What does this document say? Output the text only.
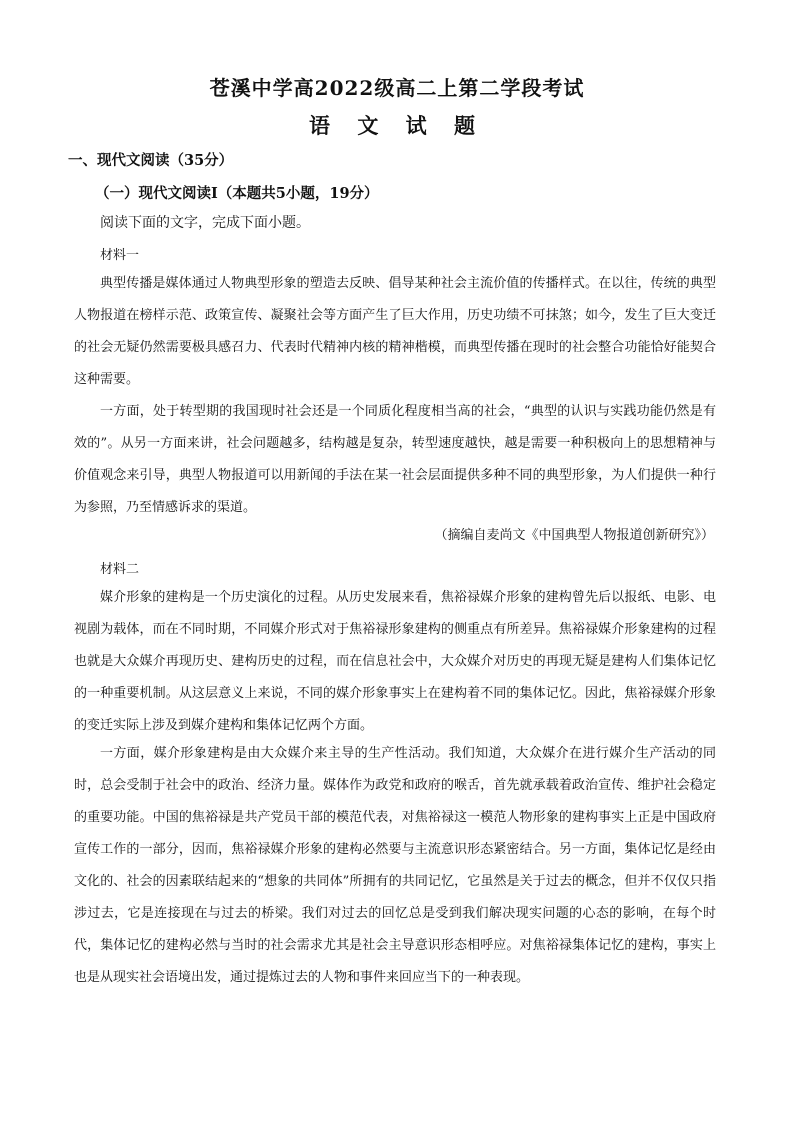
苍溪中学高2022级高二上第二学段考试
语 文 试 题
一、现代文阅读（35分）
（一）现代文阅读Ⅰ（本题共5小题，19分）
阅读下面的文字，完成下面小题。
材料一

典型传播是媒体通过人物典型形象的塑造去反映、倡导某种社会主流价值的传播样式。在以往，传统的典型人物报道在榜样示范、政策宣传、凝聚社会等方面产生了巨大作用，历史功绩不可抹煞；如今，发生了巨大变迁的社会无疑仍然需要极具感召力、代表时代精神内核的精神楷模，而典型传播在现时的社会整合功能恰好能契合这种需要。

一方面，处于转型期的我国现时社会还是一个同质化程度相当高的社会，“典型的认识与实践功能仍然是有效的”。从另一方面来讲，社会问题越多，结构越是复杂，转型速度越快，越是需要一种积极向上的思想精神与价值观念来引导，典型人物报道可以用新闻的手法在某一社会层面提供多种不同的典型形象，为人们提供一种行为参照，乃至情感诉求的渠道。

（摘编自麦尚文《中国典型人物报道创新研究》）
材料二

媒介形象的建构是一个历史演化的过程。从历史发展来看，焦裕禄媒介形象的建构曾先后以报纸、电影、电视剧为载体，而在不同时期，不同媒介形式对于焦裕禄形象建构的侧重点有所差异。焦裕禄媒介形象建构的过程也就是大众媒介再现历史、建构历史的过程，而在信息社会中，大众媒介对历史的再现无疑是建构人们集体记忆的一种重要机制。从这层意义上来说，不同的媒介形象事实上在建构着不同的集体记忆。因此，焦裕禄媒介形象的变迁实际上涉及到媒介建构和集体记忆两个方面。

一方面，媒介形象建构是由大众媒介来主导的生产性活动。我们知道，大众媒介在进行媒介生产活动的同时，总会受制于社会中的政治、经济力量。媒体作为政党和政府的喉舌，首先就承载着政治宣传、维护社会稳定的重要功能。中国的焦裕禄是共产党员干部的模范代表，对焦裕禄这一模范人物形象的建构事实上正是中国政府宣传工作的一部分，因而，焦裕禄媒介形象的建构必然要与主流意识形态紧密结合。另一方面，集体记忆是经由文化的、社会的因素联结起来的“想象的共同体”所拥有的共同记忆，它虽然是关于过去的概念，但并不仅仅只指涉过去，它是连接现在与过去的桥梁。我们对过去的回忆总是受到我们解决现实问题的心态的影响，在每个时代，集体记忆的建构必然与当时的社会需求尤其是社会主导意识形态相呼应。对焦裕禄集体记忆的建构，事实上也是从现实社会语境出发，通过提炼过去的人物和事件来回应当下的一种表现。
